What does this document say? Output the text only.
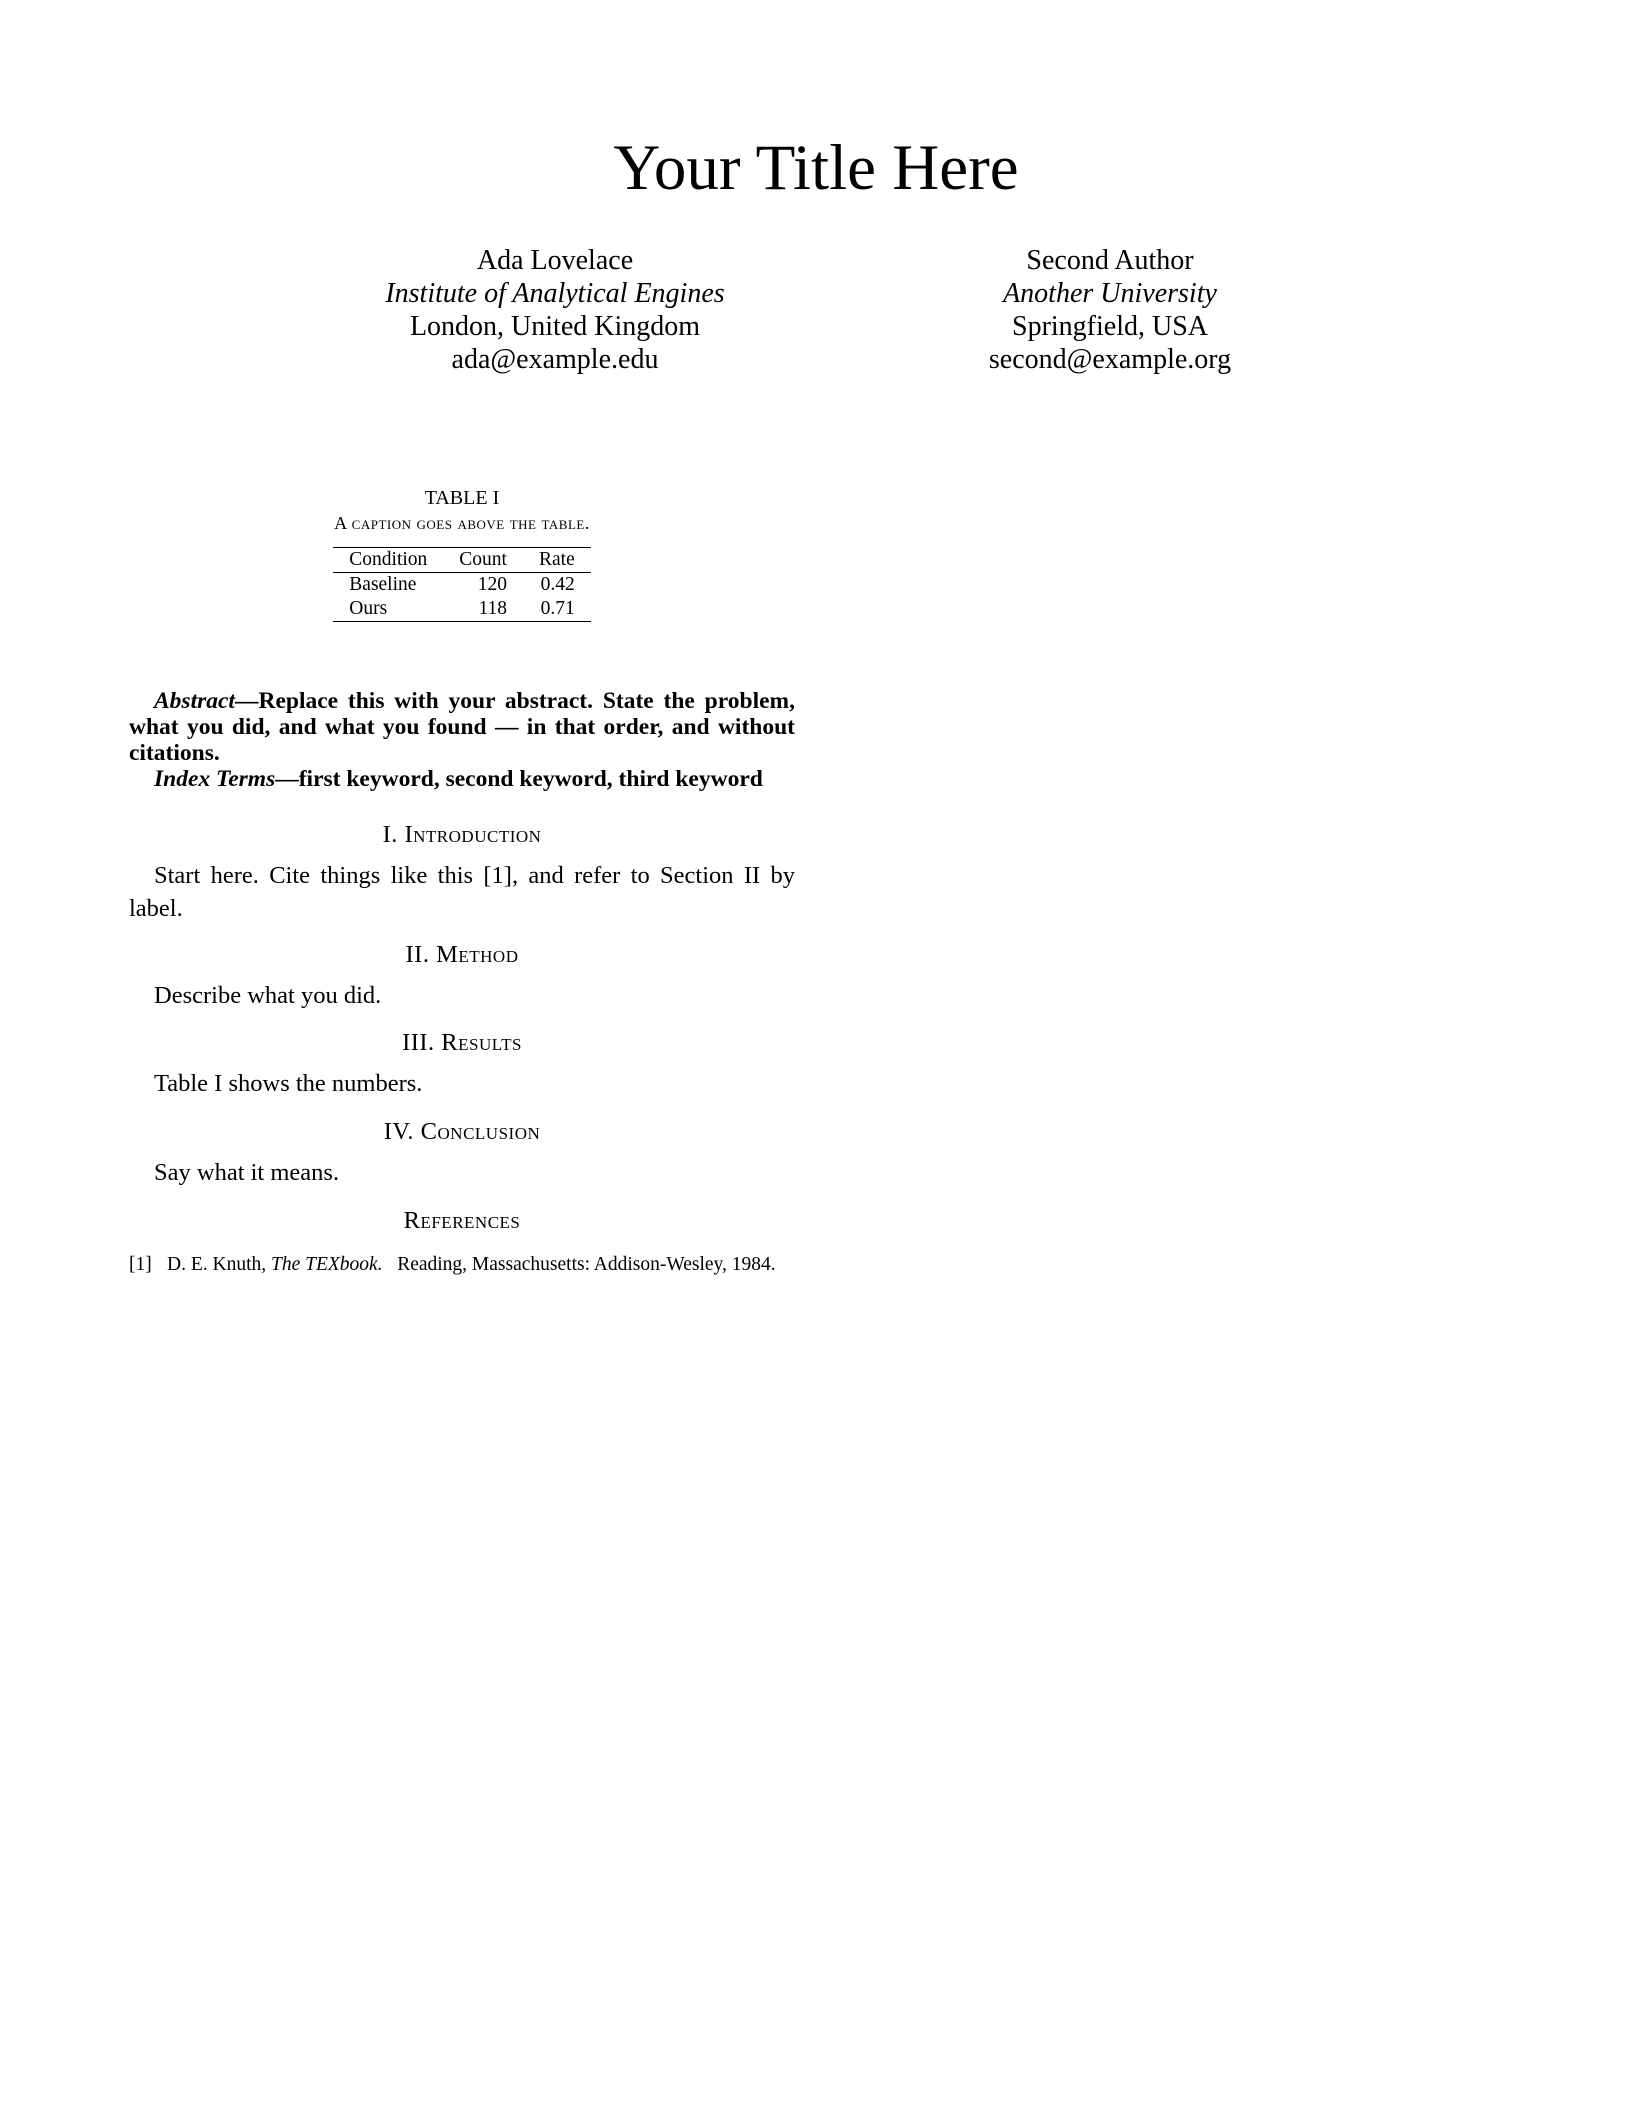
Your Title Here
Ada Lovelace
Institute of Analytical Engines
London, United Kingdom
ada@example.edu
Second Author
Another University
Springfield, USA
second@example.org
TABLE I
A caption goes above the table.
Condition	Count	Rate
Baseline	120	0.42
Ours	118	0.71

Abstract—Replace this with your abstract. State the problem, what you did, and what you found — in that order, and without citations.

Index Terms—first keyword, second keyword, third keyword

I. Introduction

Start here. Cite things like this [1], and refer to Section II by label.

II. Method

Describe what you did.

III. Results

Table I shows the numbers.

IV. Conclusion

Say what it means.

References
[1] D. E. Knuth, The TEXbook. Reading, Massachusetts: Addison-Wesley, 1984.
